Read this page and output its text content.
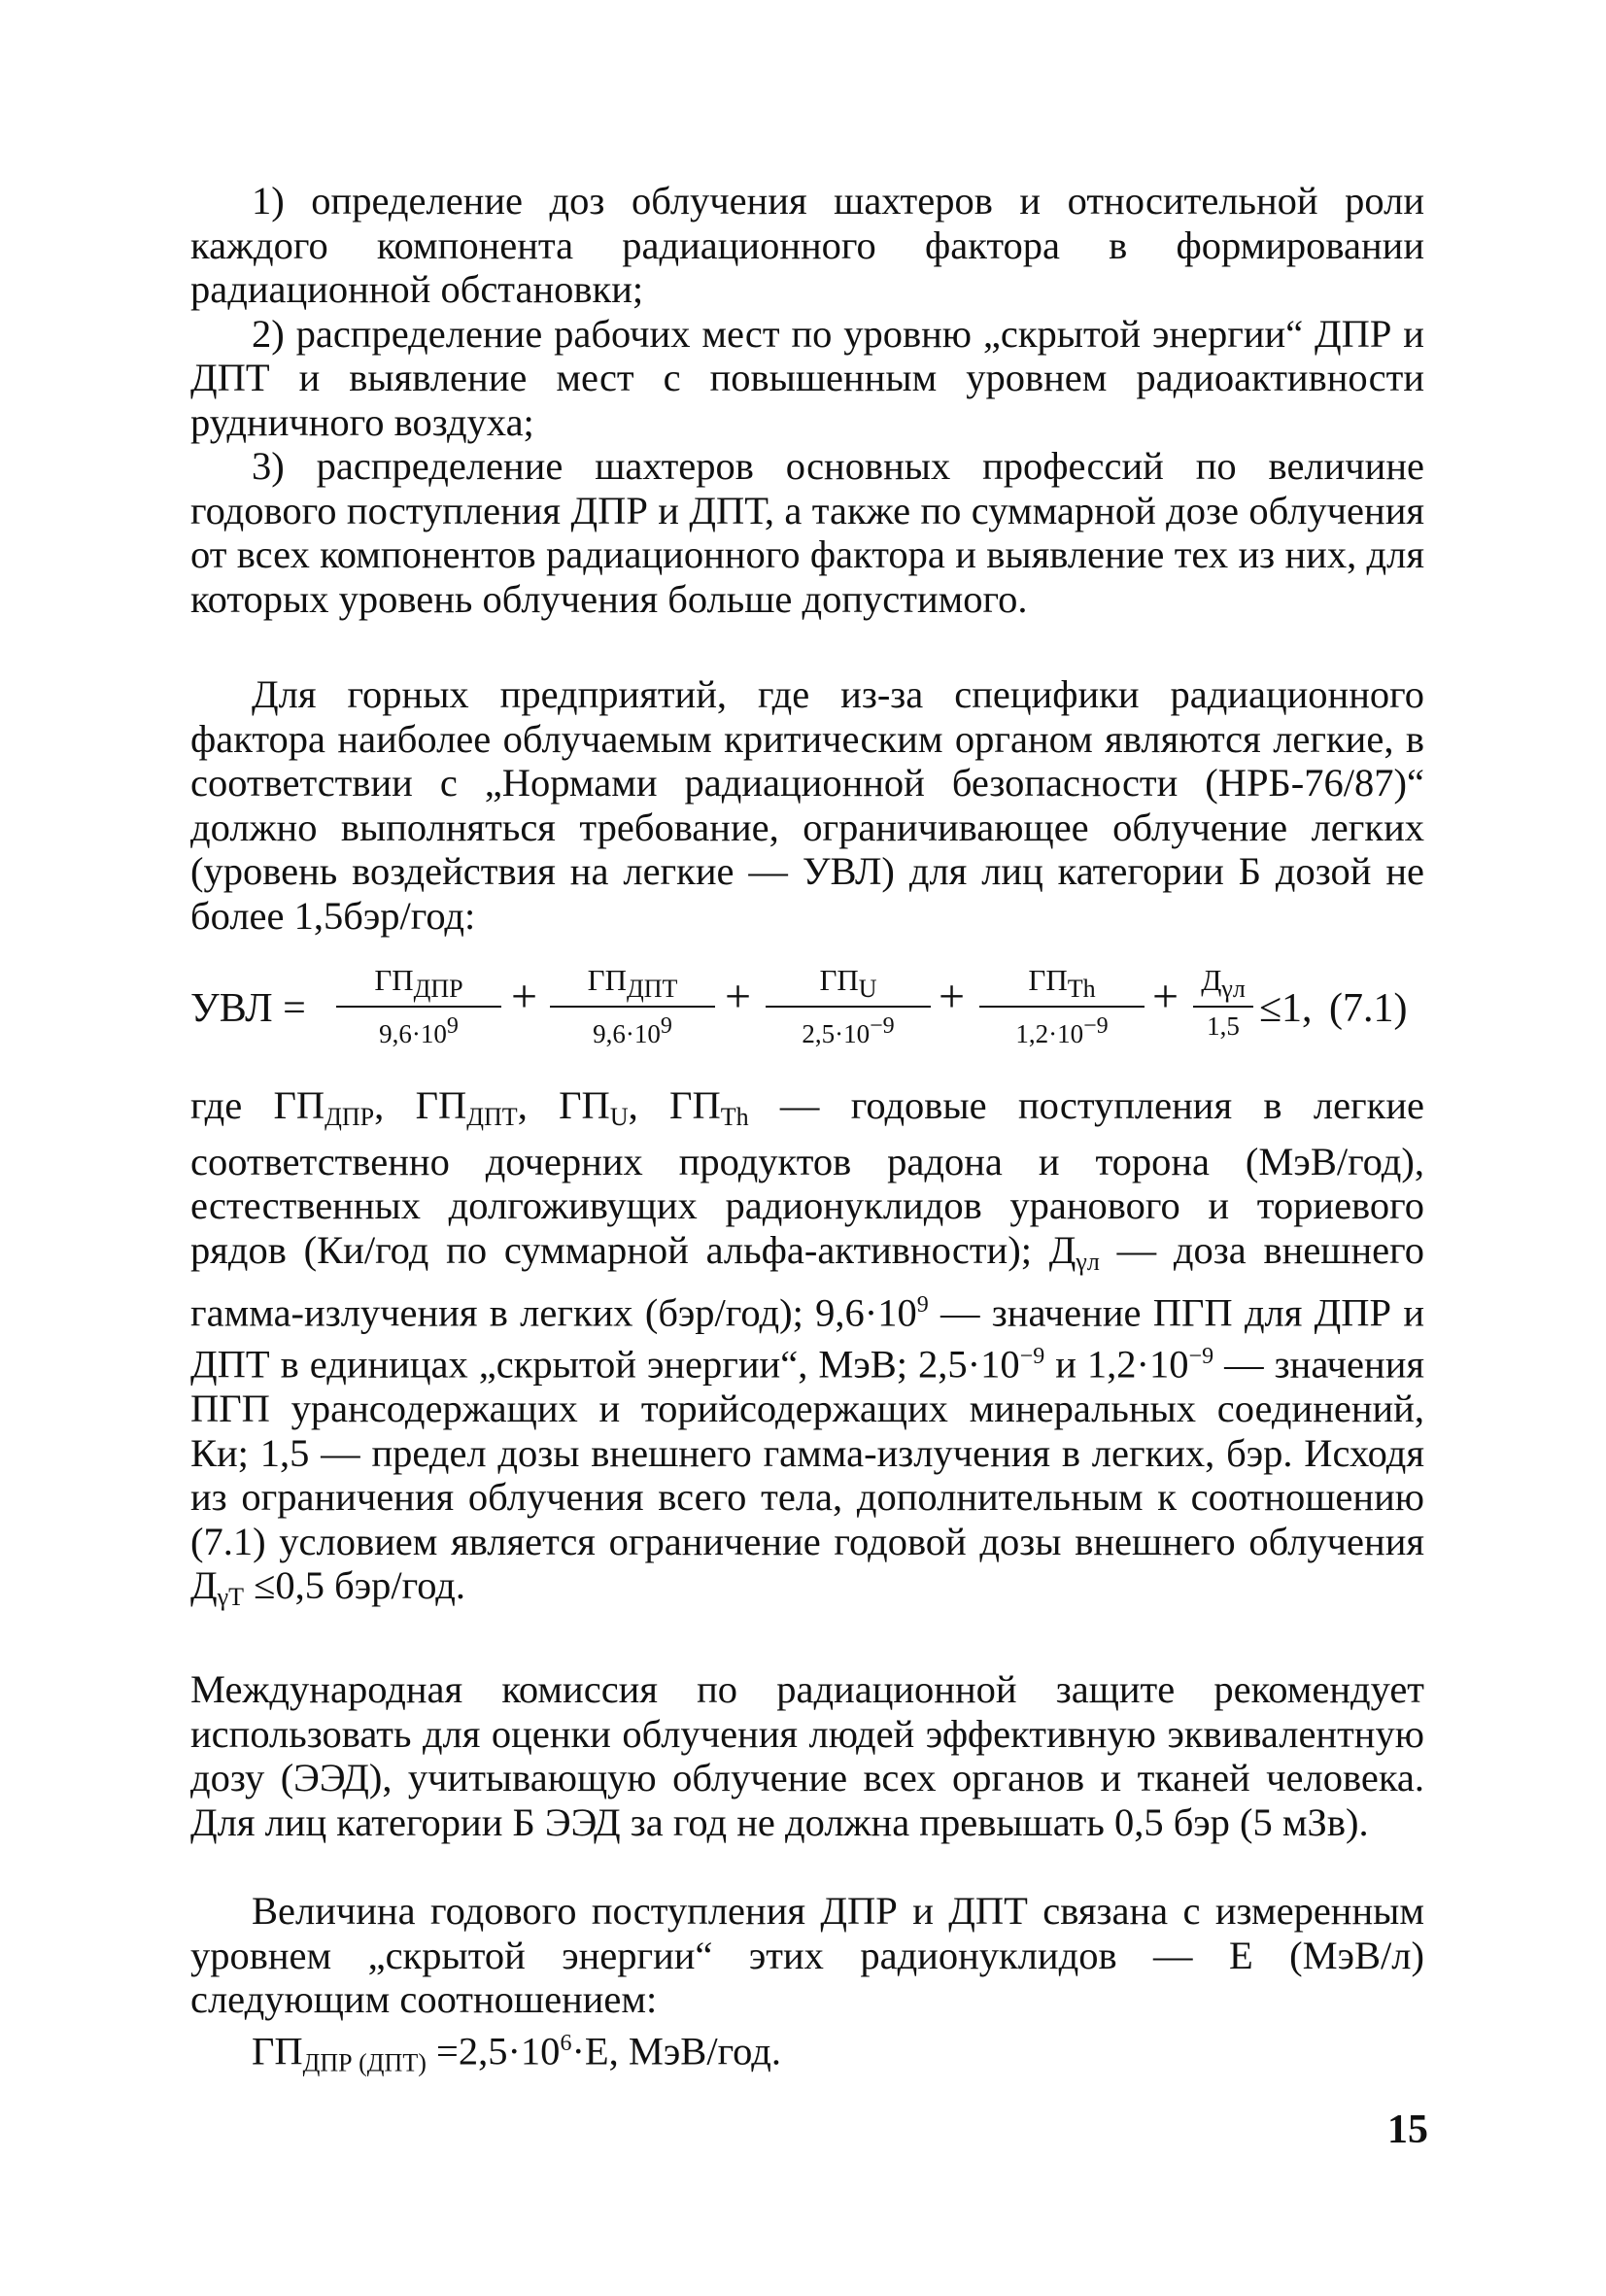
1) определение доз облучения шахтеров и относительной роли каждого компонента радиационного фактора в формировании радиационной обстановки;

2) распределение рабочих мест по уровню „скрытой энергии“ ДПР и ДПТ и выявление мест с повышенным уровнем радиоактивности рудничного воздуха;

3) распределение шахтеров основных профессий по величине годового поступления ДПР и ДПТ, а также по суммарной дозе облучения от всех компонентов радиационного фактора и выявление тех из них, для которых уровень облучения больше допустимого.

Для горных предприятий, где из-за специфики радиационного фактора наиболее облучаемым критическим органом являются легкие, в соответствии с „Нормами радиационной безопасности (НРБ-76/87)“ должно выполняться требование, ограничивающее облучение легких (уровень воздействия на легкие — УВЛ) для лиц категории Б дозой не более 1,5бэр/год:

УВЛ =
$ГП_{ДПР}$
$9,6\cdot 10^9$
+	$ГП_{ДПТ}$
$9,6\cdot 10^9$
+	$ГП_U$
$2,5\cdot 10^{-9}$
+	$ГП_{Th}$
$1,2\cdot 10^{-9}$
+ $Д_{\gamma л}$
1,5 ≤1, (7.1)

где $ГП_{ДПР}$, $ГП_{ДПТ}$, $ГП_U$, $ГП_{Th}$ — годовые поступления в легкие соответственно дочерних продуктов радона и торона (МэВ/год), естественных долгоживущих радионуклидов уранового и ториевого рядов (Ки/год по суммарной альфа-активности); $Д_{\gamma л}$ — доза внешнего гамма-излучения в легких (бэр/год); $9,6\cdot 10^9$ — значение ПГП для ДПР и ДПТ в единицах „скрытой энергии“, МэВ; $2,5\cdot 10^{-9}$ и $1,2\cdot 10^{-9}$ — значения ПГП урансодержащих и торийсодержащих минеральных соединений, Ки; 1,5 — предел дозы внешнего гамма-излучения в легких, бэр. Исходя из ограничения облучения всего тела, дополнительным к соотношению (7.1) условием является ограничение годовой дозы внешнего облучения $Д_{\gamma Т} \le 0,5$ бэр/год.

Международная комиссия по радиационной защите рекомендует использовать для оценки облучения людей эффективную эквивалентную дозу (ЭЭД), учитывающую облучение всех органов и тканей человека. Для лиц категории Б ЭЭД за год не должна превышать 0,5 бэр (5 мЗв).

Величина годового поступления ДПР и ДПТ связана с измеренным уровнем „скрытой энергии“ этих радионуклидов — Е (МэВ/л) следующим соотношением:

$ГП_{ДПР (ДПТ)} =2,5\cdot 10^6\cdot Е$, МэВ/год.

15
